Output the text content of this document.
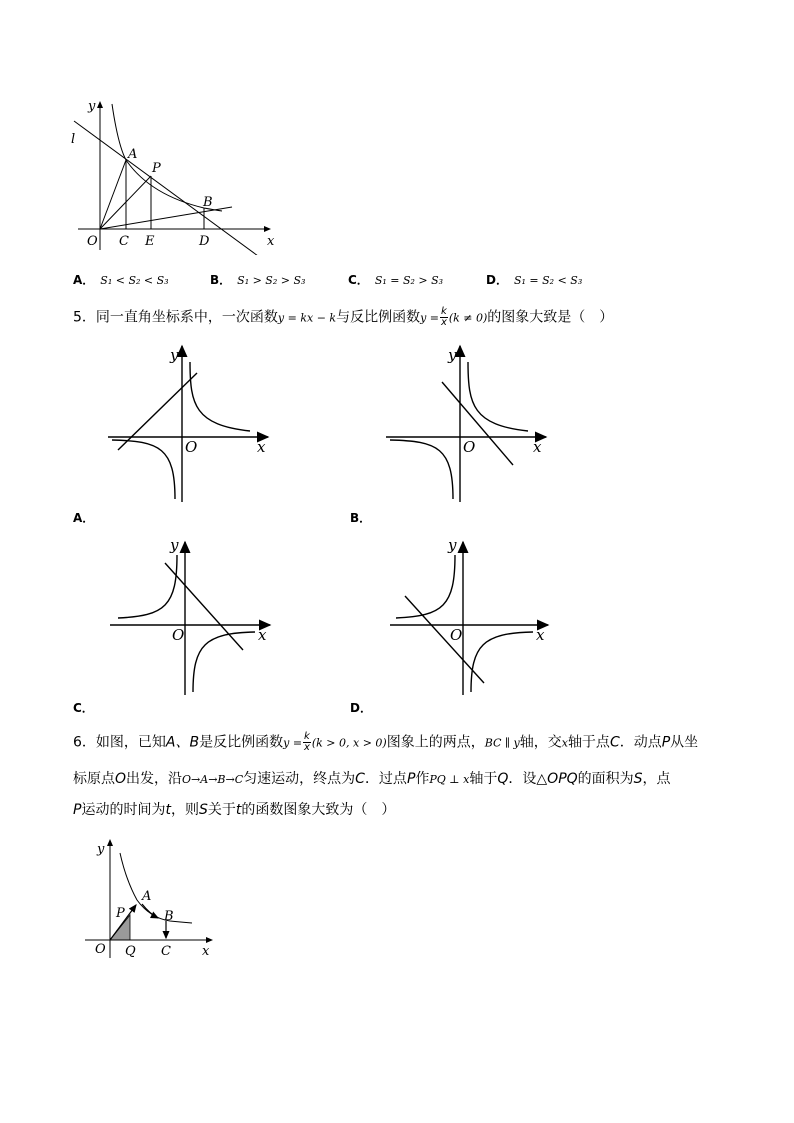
y
l
A
P
B
O C E	D	x
A． S₁ < S₂ < S₃	B． S₁ > S₂ > S₃	C． S₁ = S₂ > S₃	D． S₁ = S₂ < S₃
5．同一直角坐标系中，一次函数y = kx − k与反比例函数$y = \frac{k}{x} (k \ne 0)$的图象大致是（　）
y
O	x
A．
y
O	x
B．
y
O	x
C．
y
O	x
D．
6．如图，已知A、B是反比例函数$y = \frac{k}{x} (k > 0$, x > 0)图象上的两点，BC ∥ y轴，交x轴于点C．动点P从坐
标原点O出发，沿O→A→B→C匀速运动，终点为C．过点P作PQ ⊥ x轴于Q．设△OPQ的面积为S，点
P运动的时间为t，则S关于t的函数图象大致为（　）
y
P
A
B
O Q C x
